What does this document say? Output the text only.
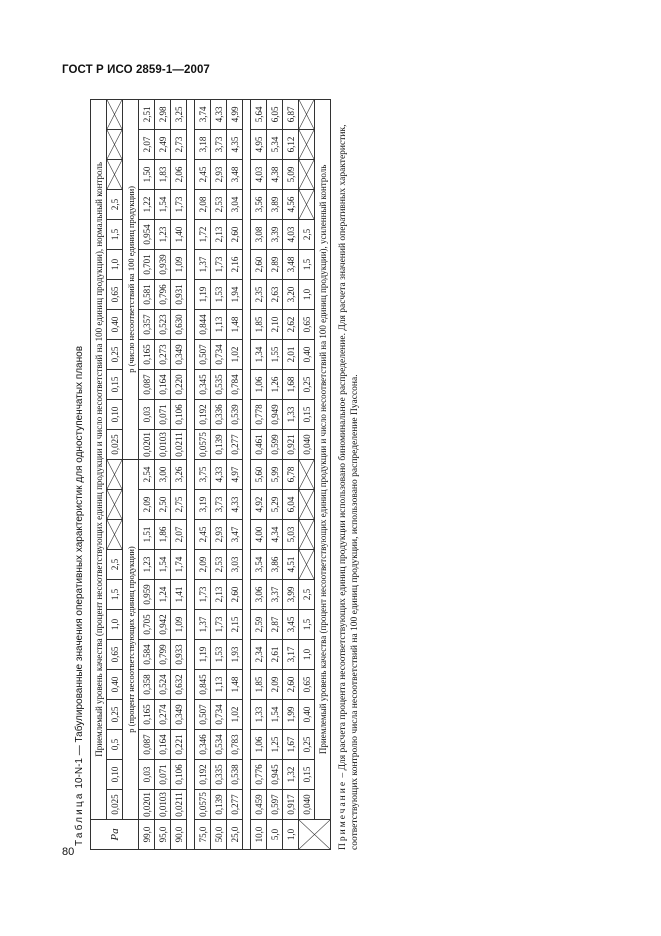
ГОСТ Р ИСО 2859-1—2007
Таблица 10-N-1 — Табулированные значения оперативных характеристик для одноступенчатых планов
Pa	Приемлемый уровень качества (процент несоответствующих единиц продукции и число несоответствий на 100 единиц продукции), нормальный контроль																							
	0,025	0,10	0,5	0,25	0,40	0,65	1,0	1,5	2,5				0,025	0,10	0,15	0,25	0,40	0,65	1,0	1,5	2,5	

	p (процент несоответствующих единиц продукции)												p (число несоответствий на 100 единиц продукции)											
99,0	0,0201	0,03	0,087	0,165	0,358	0,584	0,705	0,959	1,23	1,51	2,09	2,54	0,0201	0,03	0,087	0,165	0,357	0,581	0,701	0,954	1,22	1,50	2,07	2,51
95,0	0,0103	0,071	0,164	0,274	0,524	0,799	0,942	1,24	1,54	1,86	2,50	3,00	0,0103	0,071	0,164	0,273	0,523	0,796	0,939	1,23	1,54	1,83	2,49	2,98
90,0	0,0211	0,106	0,221	0,349	0,632	0,933	1,09	1,41	1,74	2,07	2,75	3,26	0,0211	0,106	0,220	0,349	0,630	0,931	1,09	1,40	1,73	2,06	2,73	3,25

75,0	0,0575	0,192	0,346	0,507	0,845	1,19	1,37	1,73	2,09	2,45	3,19	3,75	0,0575	0,192	0,345	0,507	0,844	1,19	1,37	1,72	2,08	2,45	3,18	3,74
50,0	0,139	0,335	0,534	0,734	1,13	1,53	1,73	2,13	2,53	2,93	3,73	4,33	0,139	0,336	0,535	0,734	1,13	1,53	1,73	2,13	2,53	2,93	3,73	4,33
25,0	0,277	0,538	0,783	1,02	1,48	1,93	2,15	2,60	3,03	3,47	4,33	4,97	0,277	0,539	0,784	1,02	1,48	1,94	2,16	2,60	3,04	3,48	4,35	4,99

10,0	0,459	0,776	1,06	1,33	1,85	2,34	2,59	3,06	3,54	4,00	4,92	5,60	0,461	0,778	1,06	1,34	1,85	2,35	2,60	3,08	3,56	4,03	4,95	5,64
5,0	0,597	0,945	1,25	1,54	2,09	2,61	2,87	3,37	3,86	4,34	5,29	5,99	0,599	0,949	1,26	1,55	2,10	2,63	2,89	3,39	3,89	4,38	5,34	6,05
1,0	0,917	1,32	1,67	1,99	2,60	3,17	3,45	3,99	4,51	5,03	6,04	6,78	0,921	1,33	1,68	2,01	2,62	3,20	3,48	4,03	4,56	5,09	6,12	6,87

	0,040	0,15	0,25	0,40	0,65	1,0	1,5	2,5					0,040	0,15	0,25	0,40	0,65	1,0	1,5	2,5	

	Приемлемый уровень качества (процент несоответствующих единиц продукции и число несоответствий на 100 единиц продукции), усиленный контроль																							
Примечание – Для расчета процента несоответствующих единиц продукции использовано биноминальное распределение. Для расчета значений оперативных характеристик, соответствующих контролю числа несоответствий на 100 единиц продукции, использовано распределение Пуассона.
80
